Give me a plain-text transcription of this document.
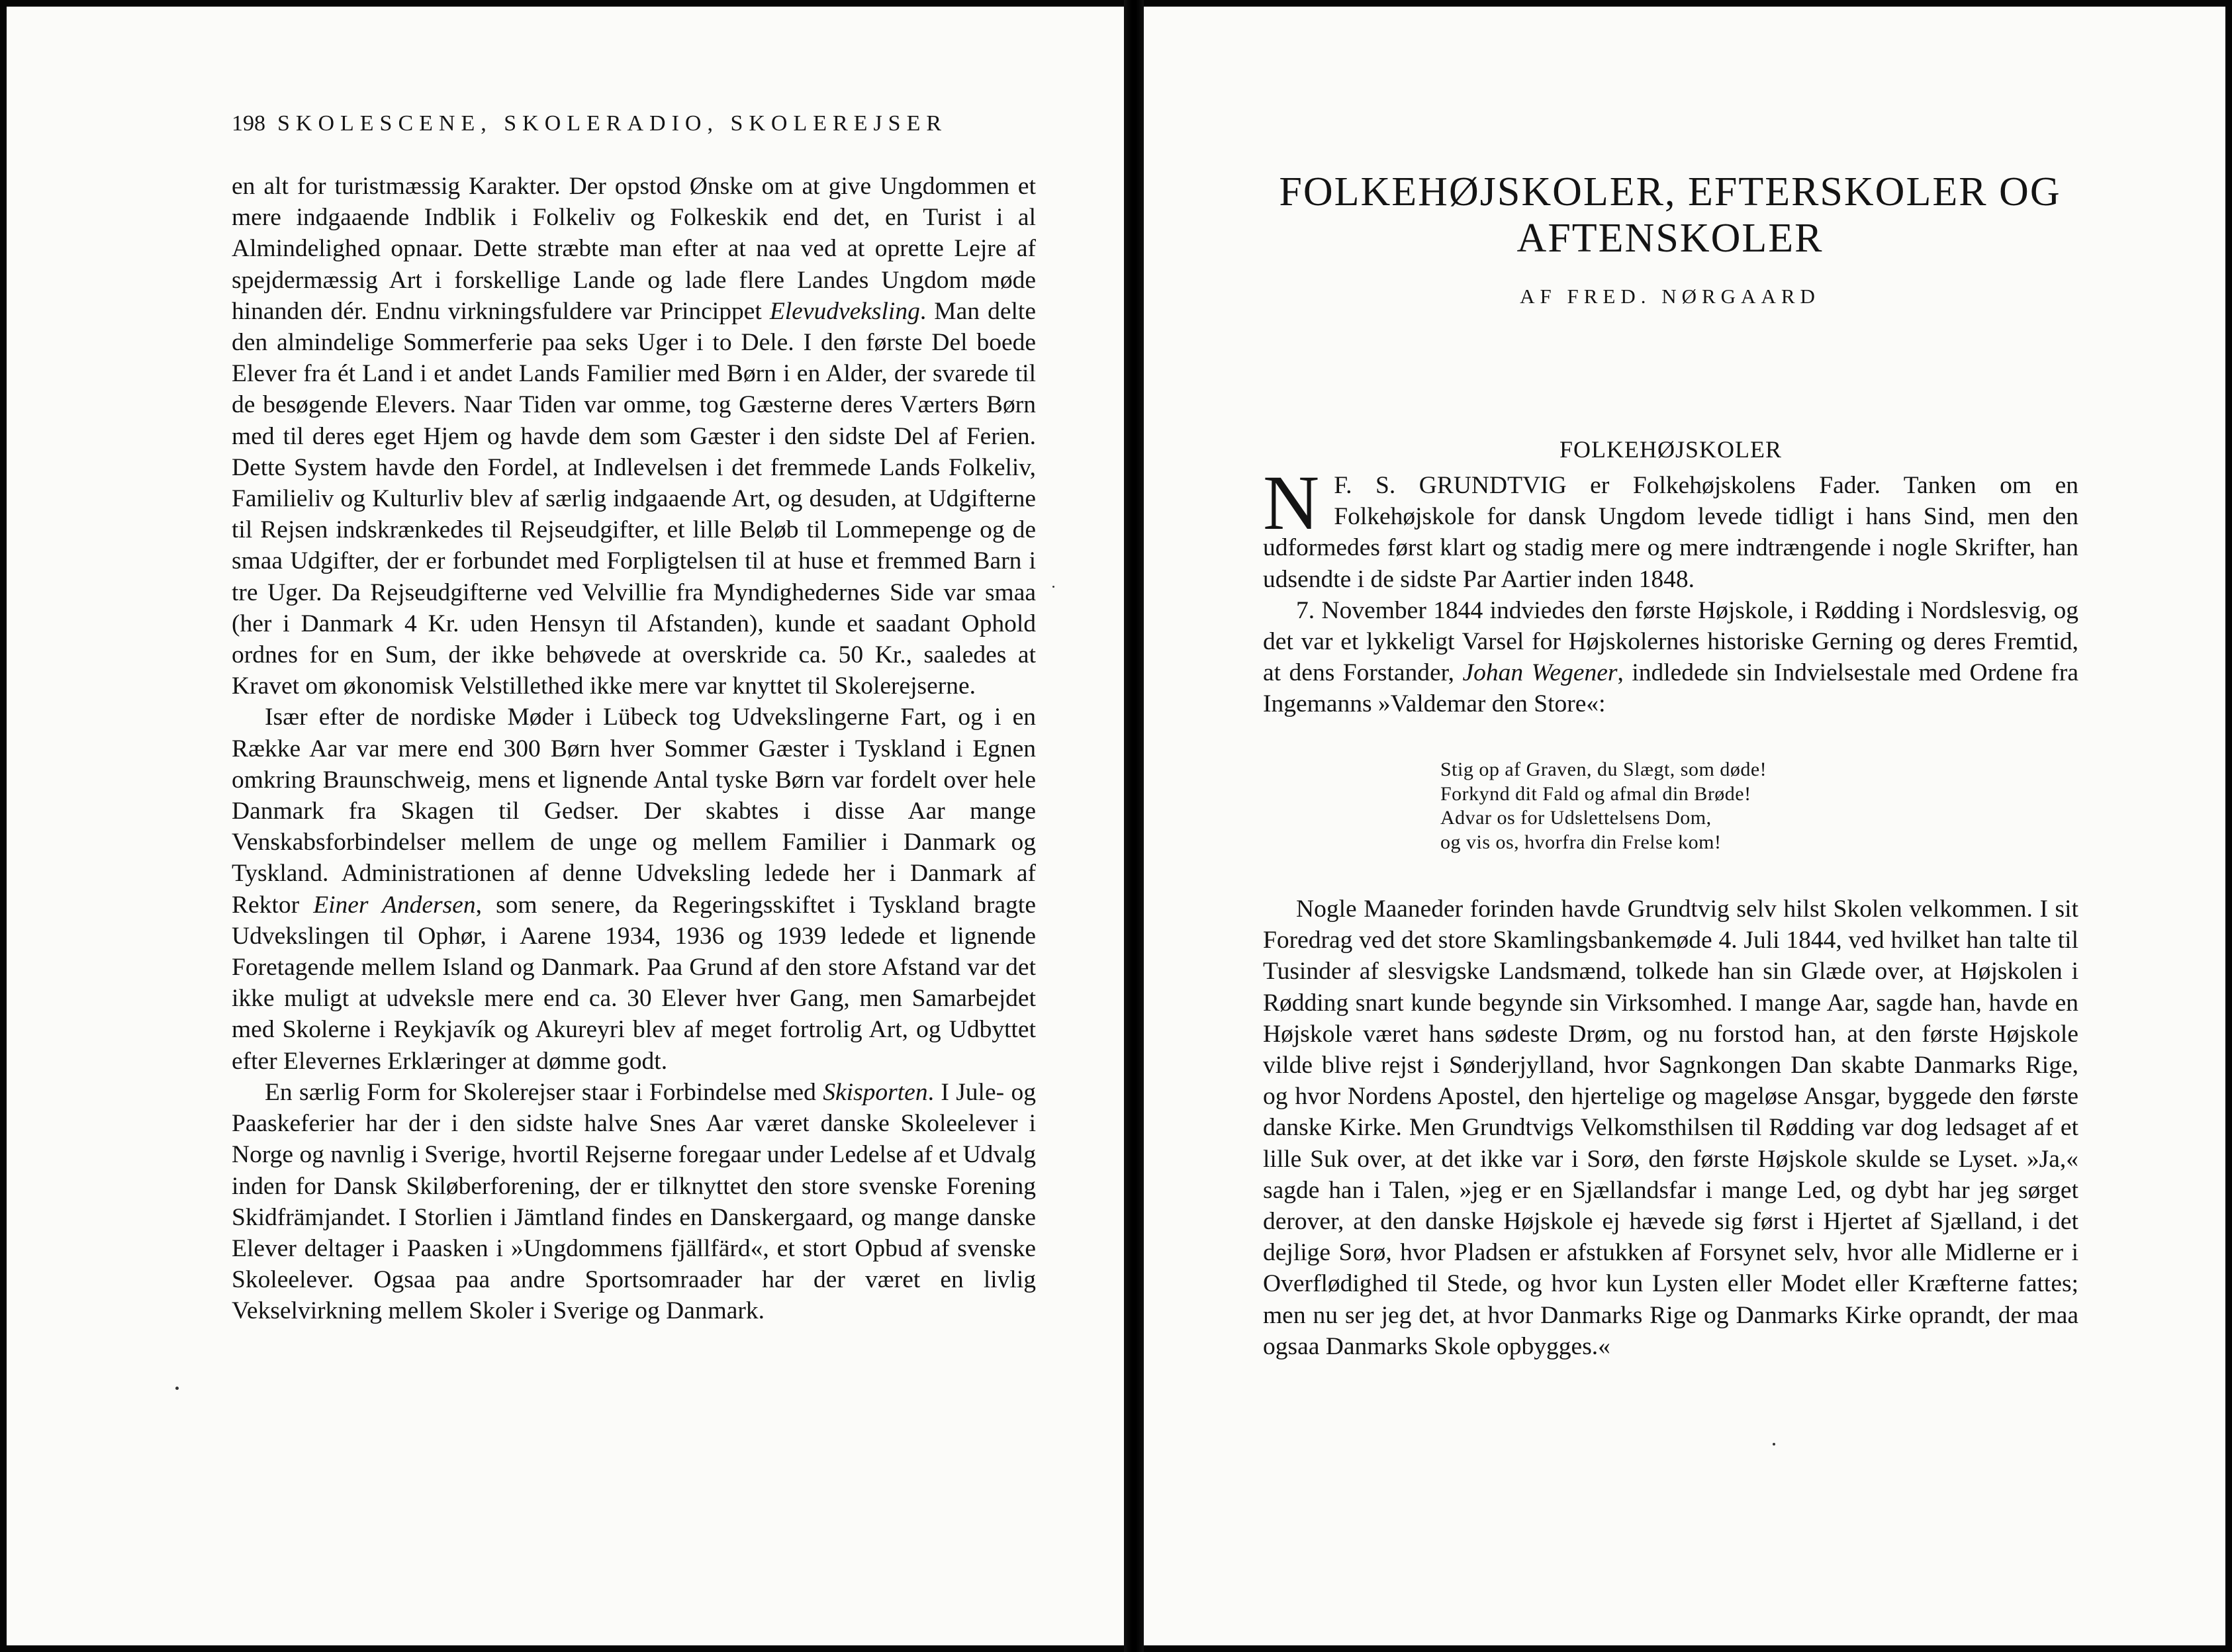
198 SKOLESCENE, SKOLERADIO, SKOLEREJSER

en alt for turistmæssig Karakter. Der opstod Ønske om at give Ungdommen et mere indgaaende Indblik i Folkeliv og Folkeskik end det, en Turist i al Almindelighed opnaar. Dette stræbte man efter at naa ved at oprette Lejre af spejdermæssig Art i forskellige Lande og lade flere Landes Ungdom møde hinanden dér. Endnu virkningsfuldere var Princippet Elevudveksling. Man delte den almindelige Sommerferie paa seks Uger i to Dele. I den første Del boede Elever fra ét Land i et andet Lands Familier med Børn i en Alder, der svarede til de besøgende Elevers. Naar Tiden var omme, tog Gæsterne deres Værters Børn med til deres eget Hjem og havde dem som Gæster i den sidste Del af Ferien. Dette System havde den Fordel, at Indlevelsen i det fremmede Lands Folkeliv, Familieliv og Kulturliv blev af særlig indgaaende Art, og desuden, at Udgifterne til Rejsen indskrænkedes til Rejseudgifter, et lille Beløb til Lommepenge og de smaa Udgifter, der er forbundet med Forpligtelsen til at huse et fremmed Barn i tre Uger. Da Rejseudgifterne ved Velvillie fra Myndighedernes Side var smaa (her i Danmark 4 Kr. uden Hensyn til Afstanden), kunde et saadant Ophold ordnes for en Sum, der ikke behøvede at overskride ca. 50 Kr., saaledes at Kravet om økonomisk Velstillethed ikke mere var knyttet til Skolerejserne.

Især efter de nordiske Møder i Lübeck tog Udvekslingerne Fart, og i en Række Aar var mere end 300 Børn hver Sommer Gæster i Tyskland i Egnen omkring Braunschweig, mens et lignende Antal tyske Børn var fordelt over hele Danmark fra Skagen til Gedser. Der skabtes i disse Aar mange Venskabsforbindelser mellem de unge og mellem Familier i Danmark og Tyskland. Administrationen af denne Udveksling ledede her i Danmark af Rektor Einer Andersen, som senere, da Regeringsskiftet i Tyskland bragte Udvekslingen til Ophør, i Aarene 1934, 1936 og 1939 ledede et lignende Foretagende mellem Island og Danmark. Paa Grund af den store Afstand var det ikke muligt at udveksle mere end ca. 30 Elever hver Gang, men Samarbejdet med Skolerne i Reykjavík og Akureyri blev af meget fortrolig Art, og Udbyttet efter Elevernes Erklæringer at dømme godt.

En særlig Form for Skolerejser staar i Forbindelse med Skisporten. I Jule- og Paaskeferier har der i den sidste halve Snes Aar været danske Skoleelever i Norge og navnlig i Sverige, hvortil Rejserne foregaar under Ledelse af et Udvalg inden for Dansk Skiløberforening, der er tilknyttet den store svenske Forening Skidfrämjandet. I Storlien i Jämtland findes en Danskergaard, og mange danske Elever deltager i Paasken i »Ungdommens fjällfärd«, et stort Opbud af svenske Skoleelever. Ogsaa paa andre Sportsomraader har der været en livlig Vekselvirkning mellem Skoler i Sverige og Danmark.

FOLKEHØJSKOLER, EFTERSKOLER OG AFTENSKOLER
AF FRED. NØRGAARD
FOLKEHØJSKOLER
N F. S. GRUNDTVIG er Folkehøjskolens Fader. Tanken om en Folkehøjskole for dansk Ungdom levede tidligt i hans Sind, men den udformedes først klart og stadig mere og mere indtrængende i nogle Skrifter, han udsendte i de sidste Par Aartier inden 1848.

7. November 1844 indviedes den første Højskole, i Rødding i Nordslesvig, og det var et lykkeligt Varsel for Højskolernes historiske Gerning og deres Fremtid, at dens Forstander, Johan Wegener, indledede sin Indvielsestale med Ordene fra Ingemanns »Valdemar den Store«:

Stig op af Graven, du Slægt, som døde!
Forkynd dit Fald og afmal din Brøde!
Advar os for Udslettelsens Dom,
og vis os, hvorfra din Frelse kom!

Nogle Maaneder forinden havde Grundtvig selv hilst Skolen velkommen. I sit Foredrag ved det store Skamlingsbankemøde 4. Juli 1844, ved hvilket han talte til Tusinder af slesvigske Landsmænd, tolkede han sin Glæde over, at Højskolen i Rødding snart kunde begynde sin Virksomhed. I mange Aar, sagde han, havde en Højskole været hans sødeste Drøm, og nu forstod han, at den første Højskole vilde blive rejst i Sønderjylland, hvor Sagnkongen Dan skabte Danmarks Rige, og hvor Nordens Apostel, den hjertelige og mageløse Ansgar, byggede den første danske Kirke. Men Grundtvigs Velkomsthilsen til Rødding var dog ledsaget af et lille Suk over, at det ikke var i Sorø, den første Højskole skulde se Lyset. »Ja,« sagde han i Talen, »jeg er en Sjællandsfar i mange Led, og dybt har jeg sørget derover, at den danske Højskole ej hævede sig først i Hjertet af Sjælland, i det dejlige Sorø, hvor Pladsen er afstukken af Forsynet selv, hvor alle Midlerne er i Overflødighed til Stede, og hvor kun Lysten eller Modet eller Kræfterne fattes; men nu ser jeg det, at hvor Danmarks Rige og Danmarks Kirke oprandt, der maa ogsaa Danmarks Skole opbygges.«
